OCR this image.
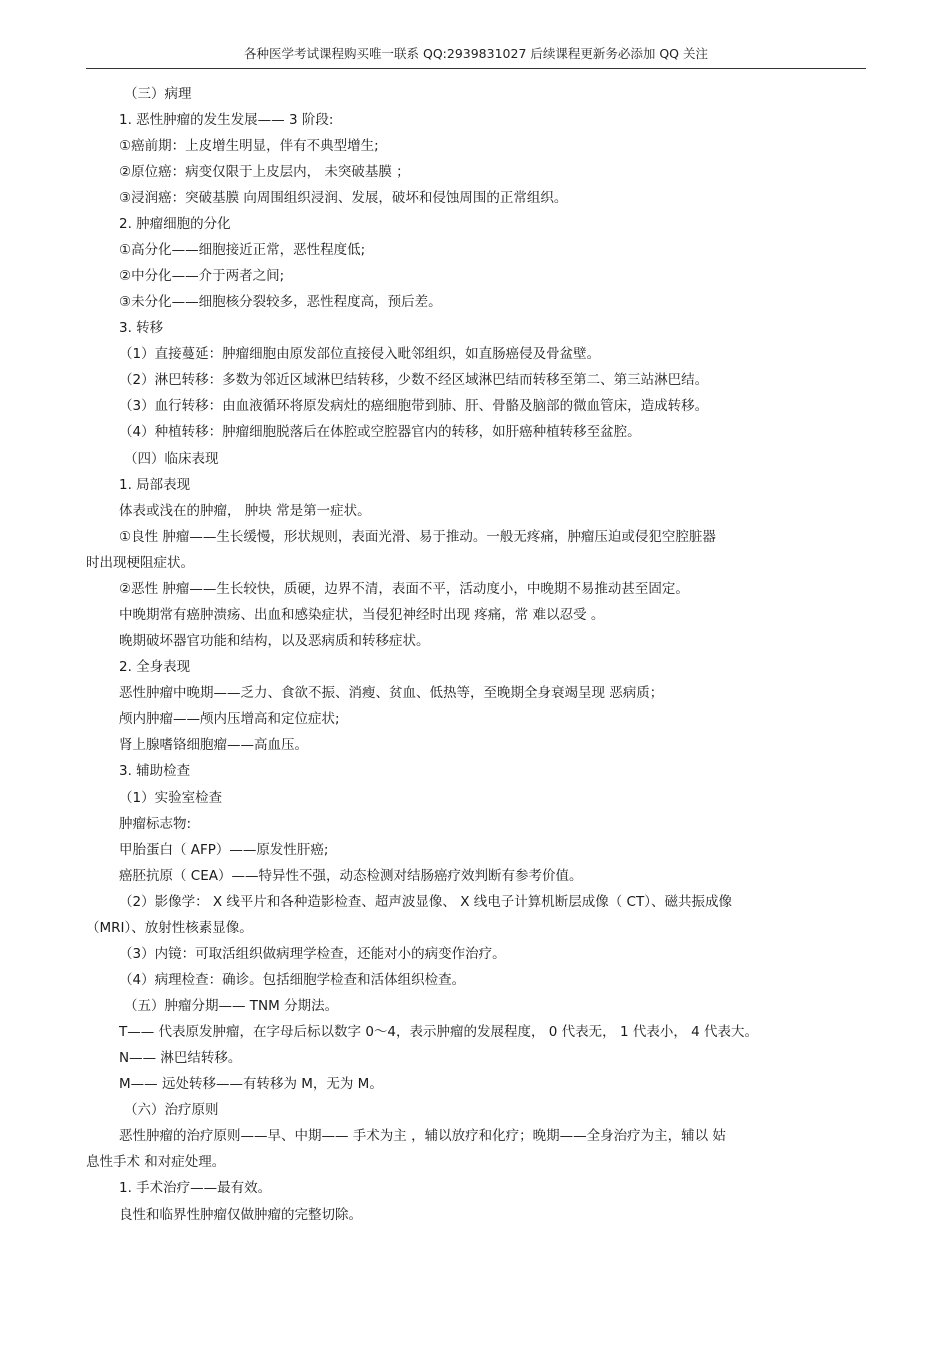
各种医学考试课程购买唯一联系 QQ:2939831027 后续课程更新务必添加 QQ 关注
（三）病理
1. 恶性肿瘤的发生发展—— 3 阶段:
①癌前期：上皮增生明显，伴有不典型增生;
②原位癌：病变仅限于上皮层内， 未突破基膜 ；
③浸润癌：突破基膜 向周围组织浸润、发展，破坏和侵蚀周围的正常组织。
2. 肿瘤细胞的分化
①高分化——细胞接近正常，恶性程度低;
②中分化——介于两者之间;
③未分化——细胞核分裂较多，恶性程度高，预后差。
3. 转移
（1）直接蔓延：肿瘤细胞由原发部位直接侵入毗邻组织，如直肠癌侵及骨盆壁。
（2）淋巴转移：多数为邻近区域淋巴结转移，少数不经区域淋巴结而转移至第二、第三站淋巴结。
（3）血行转移：由血液循环将原发病灶的癌细胞带到肺、肝、骨骼及脑部的微血管床，造成转移。
（4）种植转移：肿瘤细胞脱落后在体腔或空腔器官内的转移，如肝癌种植转移至盆腔。
（四）临床表现
1. 局部表现
体表或浅在的肿瘤， 肿块 常是第一症状。
①良性 肿瘤——生长缓慢，形状规则，表面光滑、易于推动。一般无疼痛，肿瘤压迫或侵犯空腔脏器
时出现梗阻症状。
②恶性 肿瘤——生长较快，质硬，边界不清，表面不平，活动度小，中晚期不易推动甚至固定。
中晚期常有癌肿溃疡、出血和感染症状，当侵犯神经时出现 疼痛，常 难以忍受 。
晚期破坏器官功能和结构，以及恶病质和转移症状。
2. 全身表现
恶性肿瘤中晚期——乏力、食欲不振、消瘦、贫血、低热等，至晚期全身衰竭呈现 恶病质；
颅内肿瘤——颅内压增高和定位症状;
肾上腺嗜铬细胞瘤——高血压。
3. 辅助检查
（1）实验室检查
肿瘤标志物:
甲胎蛋白（ AFP）——原发性肝癌;
癌胚抗原（ CEA）——特异性不强，动态检测对结肠癌疗效判断有参考价值。
（2）影像学： X 线平片和各种造影检查、超声波显像、 X 线电子计算机断层成像（ CT）、磁共振成像
（MRI）、放射性核素显像。
（3）内镜：可取活组织做病理学检查，还能对小的病变作治疗。
（4）病理检查：确诊。包括细胞学检查和活体组织检查。
（五）肿瘤分期—— TNM 分期法。
T—— 代表原发肿瘤，在字母后标以数字 0～4，表示肿瘤的发展程度， 0 代表无， 1 代表小， 4 代表大。
N—— 淋巴结转移。
M—— 远处转移——有转移为 M，无为 M。
（六）治疗原则
恶性肿瘤的治疗原则——早、中期—— 手术为主 ，辅以放疗和化疗；晚期——全身治疗为主，辅以 姑
息性手术 和对症处理。
1. 手术治疗——最有效。
良性和临界性肿瘤仅做肿瘤的完整切除。
